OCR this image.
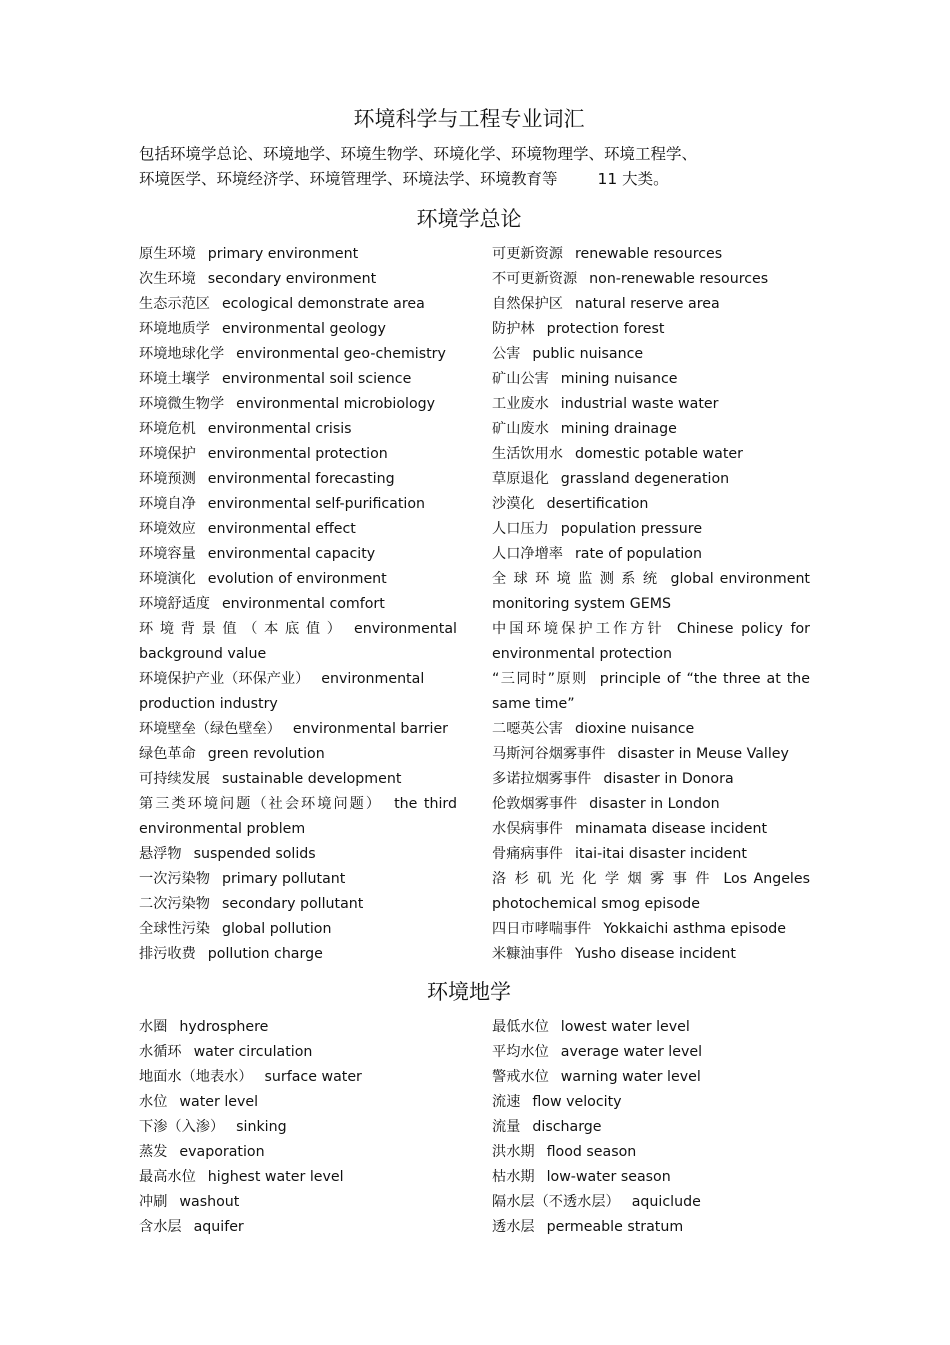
环境科学与工程专业词汇
包括环境学总论、环境地学、环境生物学、环境化学、环境物理学、环境工程学、
环境医学、环境经济学、环境管理学、环境法学、环境教育等	11 大类。
环境学总论
原生环境 primary environment
次生环境 secondary environment
生态示范区 ecological demonstrate area
环境地质学 environmental geology
环境地球化学 environmental geo-chemistry
环境土壤学 environmental soil science
环境微生物学 environmental microbiology
环境危机 environmental crisis
环境保护 environmental protection
环境预测 environmental forecasting
环境自净 environmental self-purification
环境效应 environmental effect
环境容量 environmental capacity
环境演化 evolution of environment
环境舒适度 environmental comfort
环 境 背 景 值 （ 本 底 值 ） environmental background value
环境保护产业（环保产业） environmental production industry
环境壁垒（绿色壁垒） environmental barrier
绿色革命 green revolution
可持续发展 sustainable development
第三类环境问题（社会环境问题） the third environmental problem
悬浮物 suspended solids
一次污染物 primary pollutant
二次污染物 secondary pollutant
全球性污染 global pollution
排污收费 pollution charge
可更新资源 renewable resources
不可更新资源 non-renewable resources
自然保护区 natural reserve area
防护林 protection forest
公害 public nuisance
矿山公害 mining nuisance
工业废水 industrial waste water
矿山废水 mining drainage
生活饮用水 domestic potable water
草原退化 grassland degeneration
沙漠化 desertification
人口压力 population pressure
人口净增率 rate of population
全 球 环 境 监 测 系 统 global environment monitoring system GEMS
中国环境保护工作方针 Chinese policy for environmental protection
“三同时”原则 principle of “the three at the same time”
二噁英公害 dioxine nuisance
马斯河谷烟雾事件 disaster in Meuse Valley
多诺拉烟雾事件 disaster in Donora
伦敦烟雾事件 disaster in London
水俣病事件 minamata disease incident
骨痛病事件 itai-itai disaster incident
洛 杉 矶 光 化 学 烟 雾 事 件 Los Angeles photochemical smog episode
四日市哮喘事件 Yokkaichi asthma episode
米糠油事件 Yusho disease incident
环境地学
水圈 hydrosphere
水循环 water circulation
地面水（地表水） surface water
水位 water level
下渗（入渗） sinking
蒸发 evaporation
最高水位 highest water level
冲刷 washout
含水层 aquifer
最低水位 lowest water level
平均水位 average water level
警戒水位 warning water level
流速 flow velocity
流量 discharge
洪水期 flood season
枯水期 low-water season
隔水层（不透水层） aquiclude
透水层 permeable stratum
